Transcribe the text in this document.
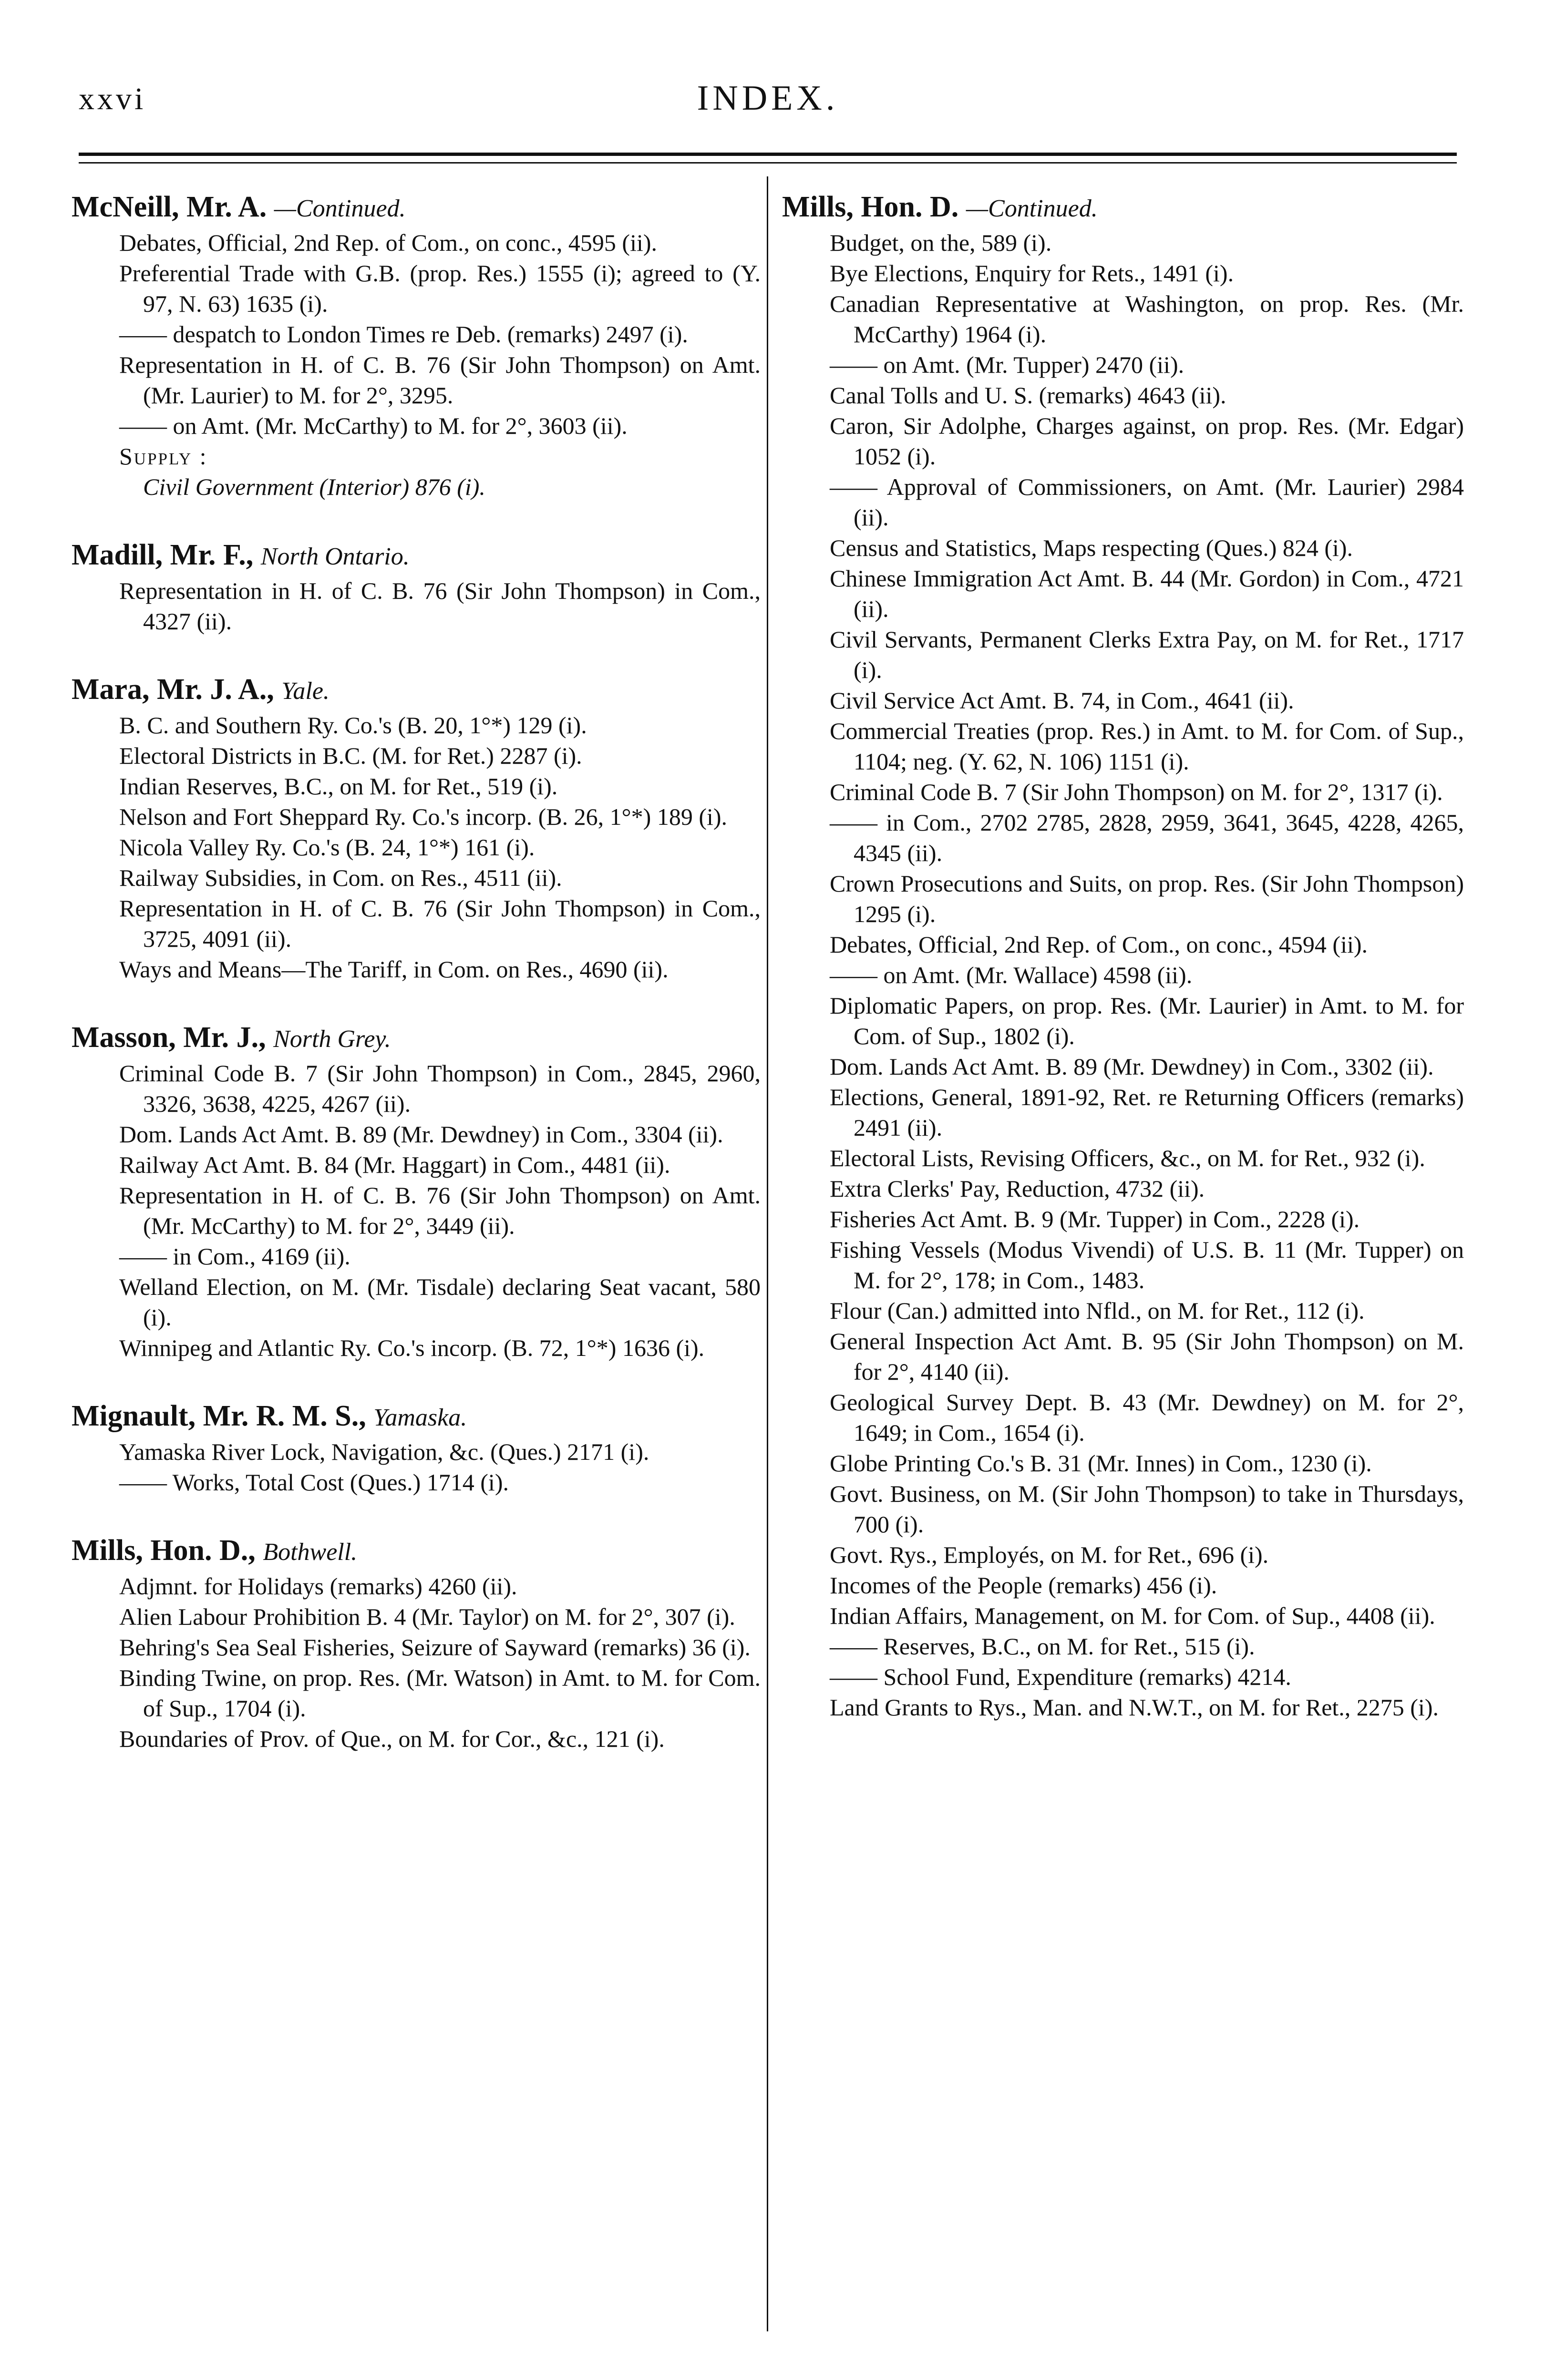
xxvi	INDEX.
McNeill, Mr. A. —Continued.
Debates, Official, 2nd Rep. of Com., on conc., 4595 (ii).
Preferential Trade with G.B. (prop. Res.) 1555 (i); agreed to (Y. 97, N. 63) 1635 (i).
—— despatch to London Times re Deb. (remarks) 2497 (i).
Representation in H. of C. B. 76 (Sir John Thompson) on Amt. (Mr. Laurier) to M. for 2°, 3295.
—— on Amt. (Mr. McCarthy) to M. for 2°, 3603 (ii).
Supply :
Civil Government (Interior) 876 (i).
Madill, Mr. F., North Ontario.
Representation in H. of C. B. 76 (Sir John Thompson) in Com., 4327 (ii).
Mara, Mr. J. A., Yale.
B. C. and Southern Ry. Co.'s (B. 20, 1°*) 129 (i).
Electoral Districts in B.C. (M. for Ret.) 2287 (i).
Indian Reserves, B.C., on M. for Ret., 519 (i).
Nelson and Fort Sheppard Ry. Co.'s incorp. (B. 26, 1°*) 189 (i).
Nicola Valley Ry. Co.'s (B. 24, 1°*) 161 (i).
Railway Subsidies, in Com. on Res., 4511 (ii).
Representation in H. of C. B. 76 (Sir John Thompson) in Com., 3725, 4091 (ii).
Ways and Means—The Tariff, in Com. on Res., 4690 (ii).
Masson, Mr. J., North Grey.
Criminal Code B. 7 (Sir John Thompson) in Com., 2845, 2960, 3326, 3638, 4225, 4267 (ii).
Dom. Lands Act Amt. B. 89 (Mr. Dewdney) in Com., 3304 (ii).
Railway Act Amt. B. 84 (Mr. Haggart) in Com., 4481 (ii).
Representation in H. of C. B. 76 (Sir John Thompson) on Amt. (Mr. McCarthy) to M. for 2°, 3449 (ii).
—— in Com., 4169 (ii).
Welland Election, on M. (Mr. Tisdale) declaring Seat vacant, 580 (i).
Winnipeg and Atlantic Ry. Co.'s incorp. (B. 72, 1°*) 1636 (i).
Mignault, Mr. R. M. S., Yamaska.
Yamaska River Lock, Navigation, &c. (Ques.) 2171 (i).
—— Works, Total Cost (Ques.) 1714 (i).
Mills, Hon. D., Bothwell.
Adjmnt. for Holidays (remarks) 4260 (ii).
Alien Labour Prohibition B. 4 (Mr. Taylor) on M. for 2°, 307 (i).
Behring's Sea Seal Fisheries, Seizure of Sayward (remarks) 36 (i).
Binding Twine, on prop. Res. (Mr. Watson) in Amt. to M. for Com. of Sup., 1704 (i).
Boundaries of Prov. of Que., on M. for Cor., &c., 121 (i).
Mills, Hon. D. —Continued.
Budget, on the, 589 (i).
Bye Elections, Enquiry for Rets., 1491 (i).
Canadian Representative at Washington, on prop. Res. (Mr. McCarthy) 1964 (i).
—— on Amt. (Mr. Tupper) 2470 (ii).
Canal Tolls and U. S. (remarks) 4643 (ii).
Caron, Sir Adolphe, Charges against, on prop. Res. (Mr. Edgar) 1052 (i).
—— Approval of Commissioners, on Amt. (Mr. Laurier) 2984 (ii).
Census and Statistics, Maps respecting (Ques.) 824 (i).
Chinese Immigration Act Amt. B. 44 (Mr. Gordon) in Com., 4721 (ii).
Civil Servants, Permanent Clerks Extra Pay, on M. for Ret., 1717 (i).
Civil Service Act Amt. B. 74, in Com., 4641 (ii).
Commercial Treaties (prop. Res.) in Amt. to M. for Com. of Sup., 1104; neg. (Y. 62, N. 106) 1151 (i).
Criminal Code B. 7 (Sir John Thompson) on M. for 2°, 1317 (i).
—— in Com., 2702 2785, 2828, 2959, 3641, 3645, 4228, 4265, 4345 (ii).
Crown Prosecutions and Suits, on prop. Res. (Sir John Thompson) 1295 (i).
Debates, Official, 2nd Rep. of Com., on conc., 4594 (ii).
—— on Amt. (Mr. Wallace) 4598 (ii).
Diplomatic Papers, on prop. Res. (Mr. Laurier) in Amt. to M. for Com. of Sup., 1802 (i).
Dom. Lands Act Amt. B. 89 (Mr. Dewdney) in Com., 3302 (ii).
Elections, General, 1891-92, Ret. re Returning Officers (remarks) 2491 (ii).
Electoral Lists, Revising Officers, &c., on M. for Ret., 932 (i).
Extra Clerks' Pay, Reduction, 4732 (ii).
Fisheries Act Amt. B. 9 (Mr. Tupper) in Com., 2228 (i).
Fishing Vessels (Modus Vivendi) of U.S. B. 11 (Mr. Tupper) on M. for 2°, 178; in Com., 1483.
Flour (Can.) admitted into Nfld., on M. for Ret., 112 (i).
General Inspection Act Amt. B. 95 (Sir John Thompson) on M. for 2°, 4140 (ii).
Geological Survey Dept. B. 43 (Mr. Dewdney) on M. for 2°, 1649; in Com., 1654 (i).
Globe Printing Co.'s B. 31 (Mr. Innes) in Com., 1230 (i).
Govt. Business, on M. (Sir John Thompson) to take in Thursdays, 700 (i).
Govt. Rys., Employés, on M. for Ret., 696 (i).
Incomes of the People (remarks) 456 (i).
Indian Affairs, Management, on M. for Com. of Sup., 4408 (ii).
—— Reserves, B.C., on M. for Ret., 515 (i).
—— School Fund, Expenditure (remarks) 4214.
Land Grants to Rys., Man. and N.W.T., on M. for Ret., 2275 (i).
